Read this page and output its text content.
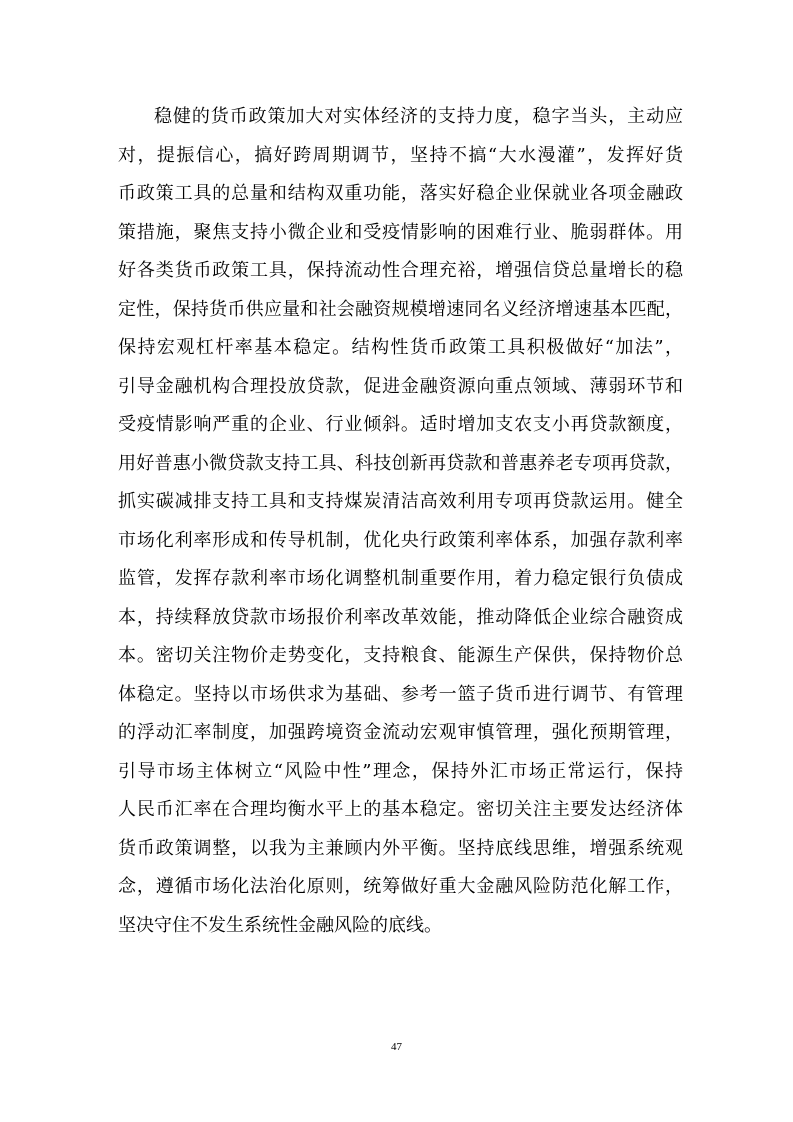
稳健的货币政策加大对实体经济的支持力度，稳字当头，主动应
对，提振信心，搞好跨周期调节，坚持不搞“大水漫灌”，发挥好货
币政策工具的总量和结构双重功能，落实好稳企业保就业各项金融政
策措施，聚焦支持小微企业和受疫情影响的困难行业、脆弱群体。用
好各类货币政策工具，保持流动性合理充裕，增强信贷总量增长的稳
定性，保持货币供应量和社会融资规模增速同名义经济增速基本匹配，
保持宏观杠杆率基本稳定。结构性货币政策工具积极做好“加法”，
引导金融机构合理投放贷款，促进金融资源向重点领域、薄弱环节和
受疫情影响严重的企业、行业倾斜。适时增加支农支小再贷款额度，
用好普惠小微贷款支持工具、科技创新再贷款和普惠养老专项再贷款，
抓实碳减排支持工具和支持煤炭清洁高效利用专项再贷款运用。健全
市场化利率形成和传导机制，优化央行政策利率体系，加强存款利率
监管，发挥存款利率市场化调整机制重要作用，着力稳定银行负债成
本，持续释放贷款市场报价利率改革效能，推动降低企业综合融资成
本。密切关注物价走势变化，支持粮食、能源生产保供，保持物价总
体稳定。坚持以市场供求为基础、参考一篮子货币进行调节、有管理
的浮动汇率制度，加强跨境资金流动宏观审慎管理，强化预期管理，
引导市场主体树立“风险中性”理念，保持外汇市场正常运行，保持
人民币汇率在合理均衡水平上的基本稳定。密切关注主要发达经济体
货币政策调整，以我为主兼顾内外平衡。坚持底线思维，增强系统观
念，遵循市场化法治化原则，统筹做好重大金融风险防范化解工作，
坚决守住不发生系统性金融风险的底线。
47
